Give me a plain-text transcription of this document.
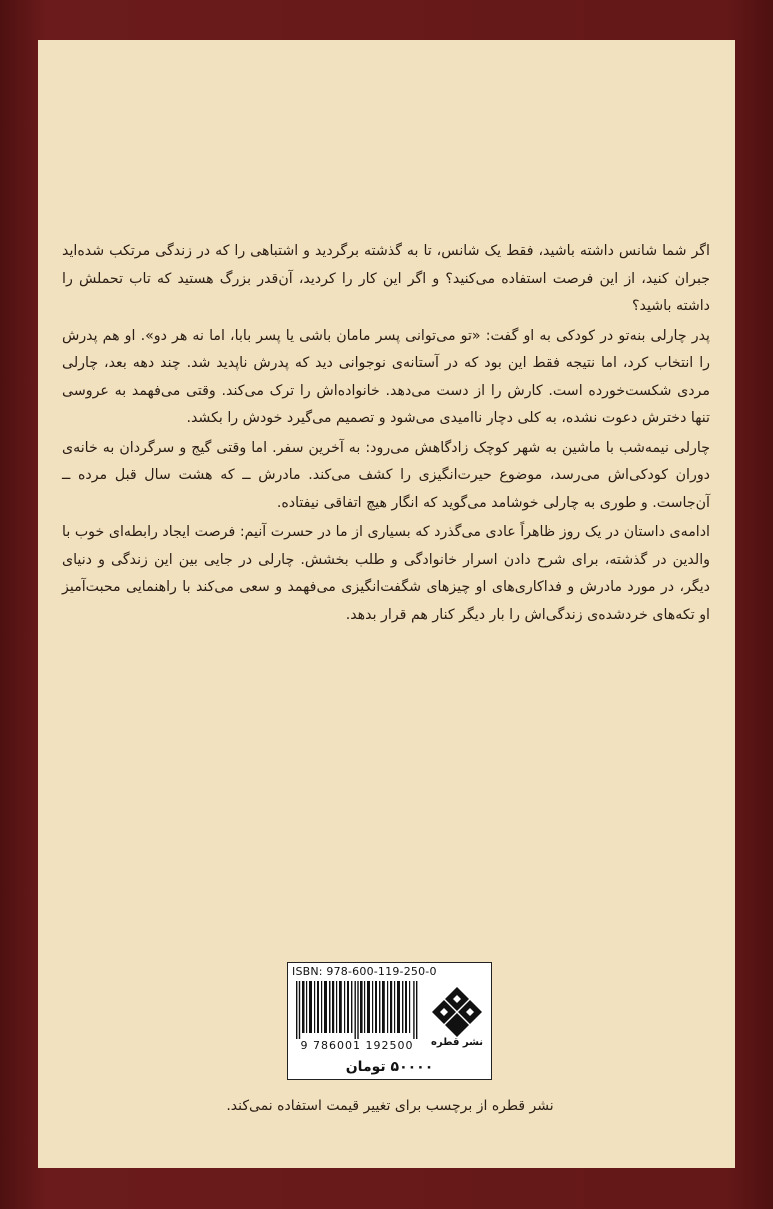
اگر شما شانس داشته باشید، فقط یک شانس، تا به گذشته برگردید و اشتباهی را که در زندگی مرتکب شده‌اید جبران کنید، از این فرصت استفاده می‌کنید؟ و اگر این کار را کردید، آن‌قدر بزرگ هستید که تاب تحملش را داشته باشید؟

پدر چارلی بنه‌تو در کودکی به او گفت: «تو می‌توانی پسر مامان باشی یا پسر بابا، اما نه هر دو». او هم پدرش را انتخاب کرد، اما نتیجه فقط این بود که در آستانه‌ی نوجوانی دید که پدرش ناپدید شد. چند دهه بعد، چارلی مردی شکست‌خورده است. کارش را از دست می‌دهد. خانواده‌اش را ترک می‌کند. وقتی می‌فهمد به عروسی تنها دخترش دعوت نشده، به کلی دچار ناامیدی می‌شود و تصمیم می‌گیرد خودش را بکشد.

چارلی نیمه‌شب با ماشین به شهر کوچک زادگاهش می‌رود: به آخرین سفر. اما وقتی گیج و سرگردان به خانه‌ی دوران کودکی‌اش می‌رسد، موضوع حیرت‌انگیزی را کشف می‌کند. مادرش ــ که هشت سال قبل مرده ــ آن‌جاست. و طوری به چارلی خوشامد می‌گوید که انگار هیچ اتفاقی نیفتاده.

ادامه‌ی داستان در یک روز ظاهراً عادی می‌گذرد که بسیاری از ما در حسرت آنیم: فرصت ایجاد رابطه‌ای خوب با والدین در گذشته، برای شرح دادن اسرار خانوادگی و طلب بخشش. چارلی در جایی بین این زندگی و دنیای دیگر، در مورد مادرش و فداکاری‌های او چیزهای شگفت‌انگیزی می‌فهمد و سعی می‌کند با راهنمایی محبت‌آمیز او تکه‌های خردشده‌ی زندگی‌اش را بار دیگر کنار هم قرار بدهد.

ISBN: 978-600-119-250-0
9 786001 192500	نشر قطره
۵۰۰۰۰ تومان
نشر قطره از برچسب برای تغییر قیمت استفاده نمی‌کند.
